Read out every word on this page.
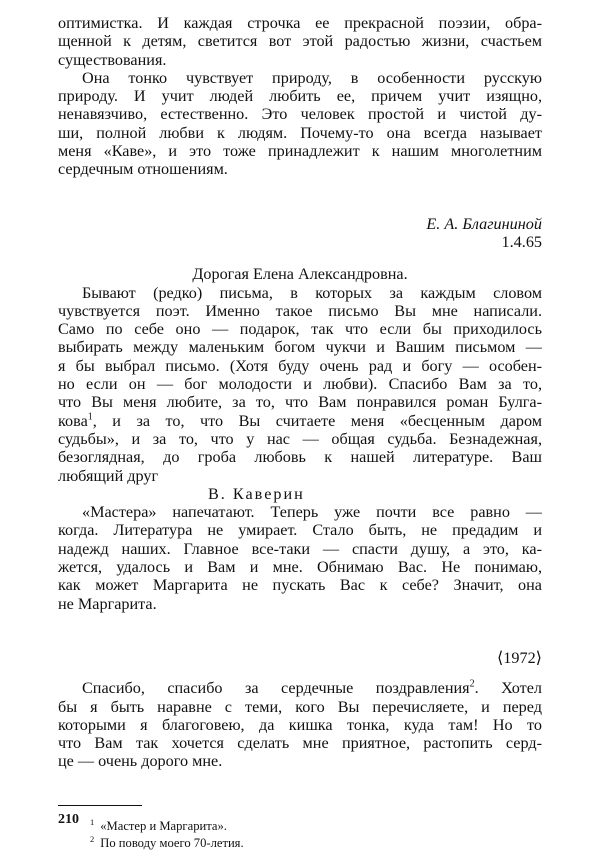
оптимистка. И каждая строчка ее прекрасной поэзии, обра-
щенной к детям, светится вот этой радостью жизни, счастьем
существования.
Она тонко чувствует природу, в особенности русскую
природу. И учит людей любить ее, причем учит изящно,
ненавязчиво, естественно. Это человек простой и чистой ду-
ши, полной любви к людям. Почему-то она всегда называет
меня «Каве», и это тоже принадлежит к нашим многолетним
сердечным отношениям.
Е. А. Благининой
1.4.65
Дорогая Елена Александровна.
Бывают (редко) письма, в которых за каждым словом
чувствуется поэт. Именно такое письмо Вы мне написали.
Само по себе оно — подарок, так что если бы приходилось
выбирать между маленьким богом чукчи и Вашим письмом —
я бы выбрал письмо. (Хотя буду очень рад и богу — особен-
но если он — бог молодости и любви). Спасибо Вам за то,
что Вы меня любите, за то, что Вам понравился роман Булга-
кова$^1$, и за то, что Вы считаете меня «бесценным даром
судьбы», и за то, что у нас — общая судьба. Безнадежная,
безоглядная, до гроба любовь к нашей литературе. Ваш
любящий друг
В. Каверин
«Мастера» напечатают. Теперь уже почти все равно —
когда. Литература не умирает. Стало быть, не предадим и
надежд наших. Главное все-таки — спасти душу, а это, ка-
жется, удалось и Вам и мне. Обнимаю Вас. Не понимаю,
как может Маргарита не пускать Вас к себе? Значит, она
не Маргарита.
⟨1972⟩
Спасибо, спасибо за сердечные поздравления$^2$. Хотел
бы я быть наравне с теми, кого Вы перечисляете, и перед
которыми я благоговею, да кишка тонка, куда там! Но то
что Вам так хочется сделать мне приятное, растопить серд-
це — очень дорого мне.
$^1$ «Мастер и Маргарита».
$^2$ По поводу моего 70-летия.
210
